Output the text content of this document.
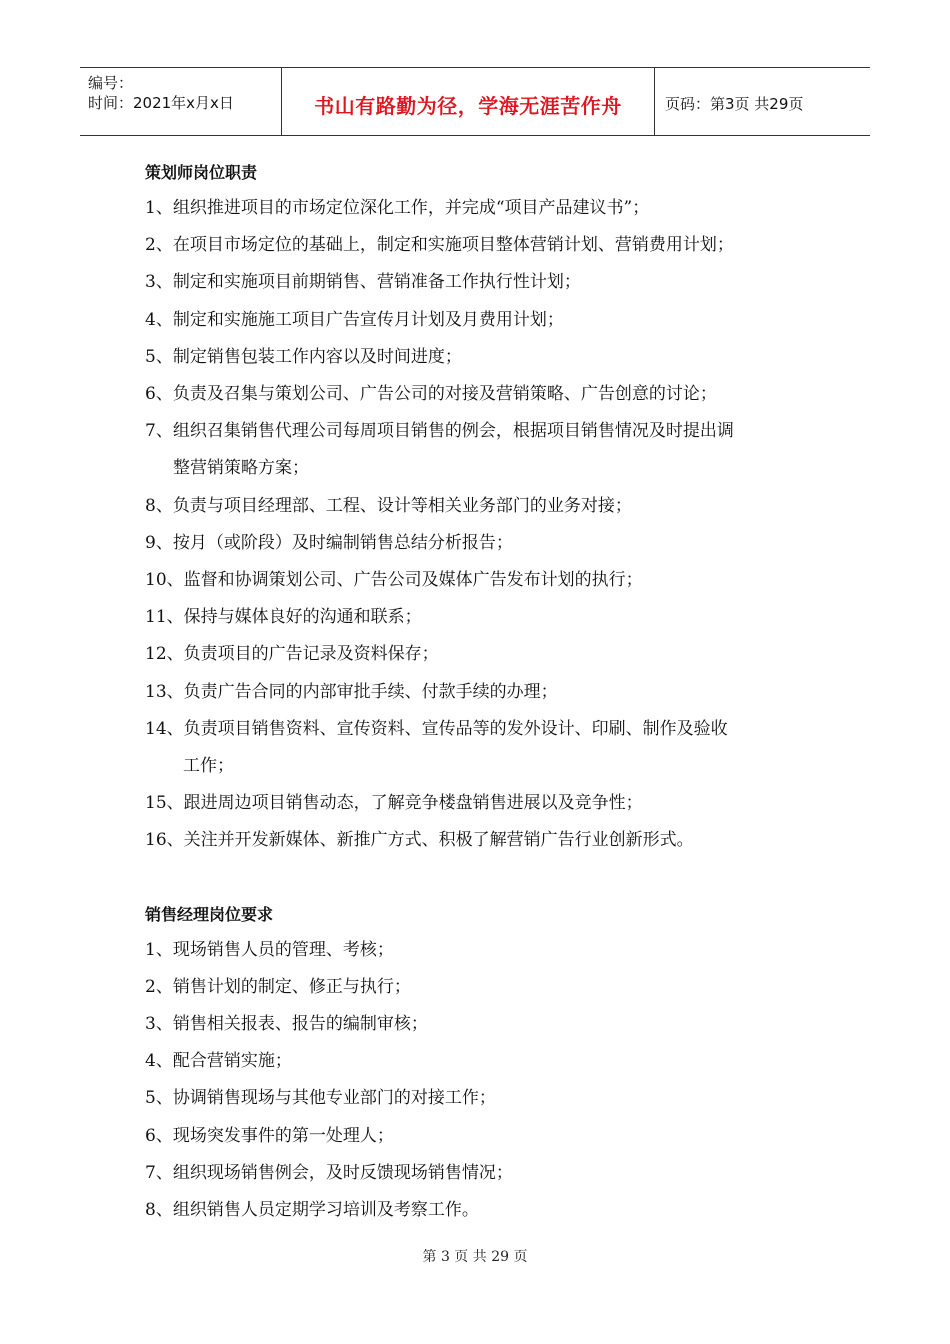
编号：
时间：2021年x月x日	书山有路勤为径，学海无涯苦作舟	页码：第3页 共29页
策划师岗位职责
1、组织推进项目的市场定位深化工作，并完成“项目产品建议书”；
2、在项目市场定位的基础上，制定和实施项目整体营销计划、营销费用计划；
3、制定和实施项目前期销售、营销准备工作执行性计划；
4、制定和实施施工项目广告宣传月计划及月费用计划；
5、制定销售包装工作内容以及时间进度；
6、负责及召集与策划公司、广告公司的对接及营销策略、广告创意的讨论；
7、组织召集销售代理公司每周项目销售的例会，根据项目销售情况及时提出调
整营销策略方案；
8、负责与项目经理部、工程、设计等相关业务部门的业务对接；
9、按月（或阶段）及时编制销售总结分析报告；
10、监督和协调策划公司、广告公司及媒体广告发布计划的执行；
11、保持与媒体良好的沟通和联系；
12、负责项目的广告记录及资料保存；
13、负责广告合同的内部审批手续、付款手续的办理；
14、负责项目销售资料、宣传资料、宣传品等的发外设计、印刷、制作及验收
工作；
15、跟进周边项目销售动态，了解竞争楼盘销售进展以及竞争性；
16、关注并开发新媒体、新推广方式、积极了解营销广告行业创新形式。
销售经理岗位要求
1、现场销售人员的管理、考核；
2、销售计划的制定、修正与执行；
3、销售相关报表、报告的编制审核；
4、配合营销实施；
5、协调销售现场与其他专业部门的对接工作；
6、现场突发事件的第一处理人；
7、组织现场销售例会，及时反馈现场销售情况；
8、组织销售人员定期学习培训及考察工作。
第 3 页 共 29 页
